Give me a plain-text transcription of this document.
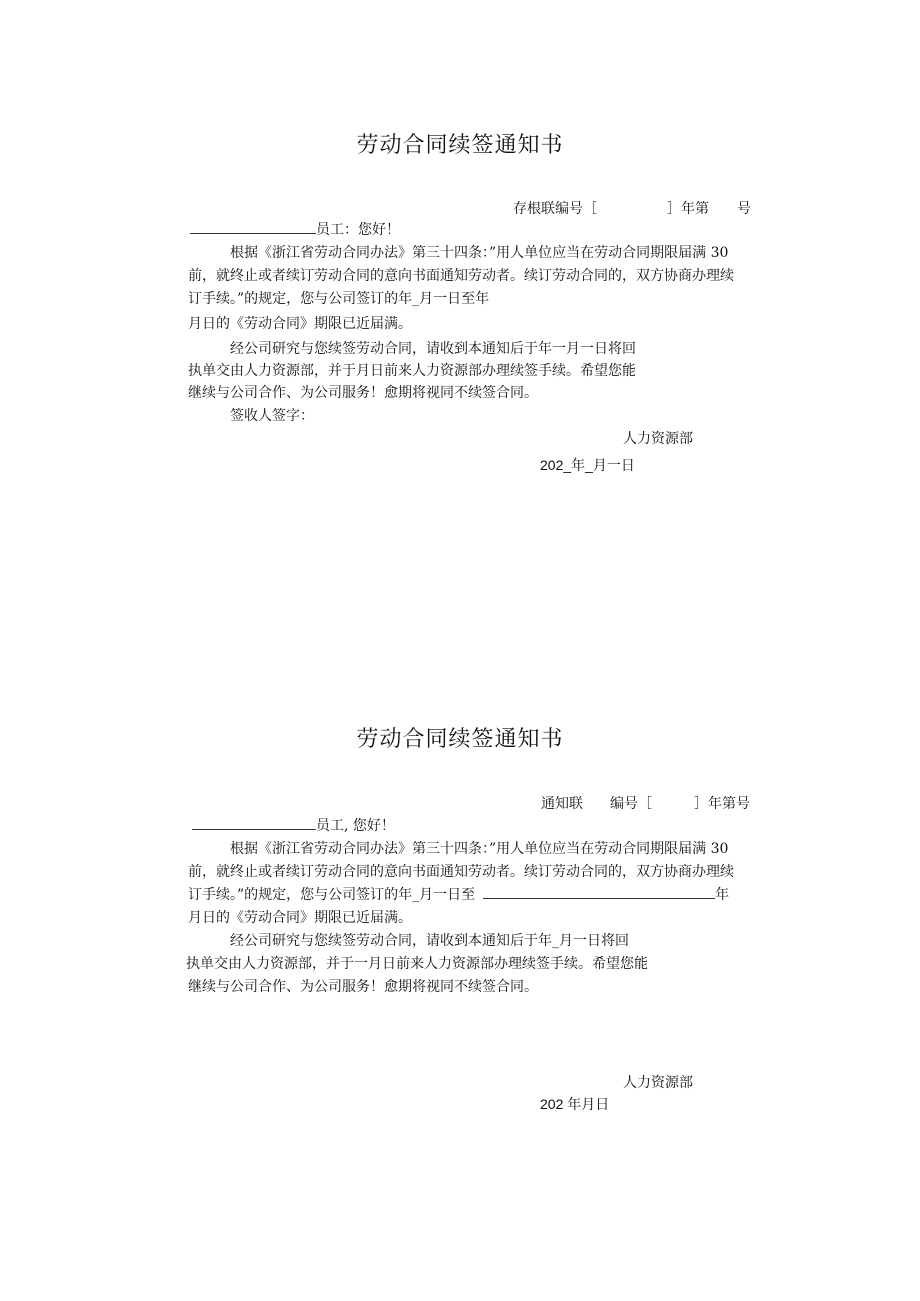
劳动合同续签通知书
存根联编号［　　　　　］年第　　号
员工：您好！
根据《浙江省劳动合同办法》第三十四条：”用人单位应当在劳动合同期限届满 30
前，就终止或者续订劳动合同的意向书面通知劳动者。续订劳动合同的，双方协商办理续
订手续。”的规定，您与公司签订的年_月一日至年
月日的《劳动合同》期限已近届满。
经公司研究与您续签劳动合同，请收到本通知后于年一月一日将回
执单交由人力资源部，并于月日前来人力资源部办理续签手续。希望您能
继续与公司合作、为公司服务！愈期将视同不续签合同。
签收人签字：
人力资源部
202_年_月一日
劳动合同续签通知书
通知联 编号［　　　］年第号
员工, 您好！
根据《浙江省劳动合同办法》第三十四条：”用人单位应当在劳动合同期限届满 30
前，就终止或者续订劳动合同的意向书面通知劳动者。续订劳动合同的，双方协商办理续
订手续。”的规定，您与公司签订的年_月一日至	年
月日的《劳动合同》期限已近届满。
经公司研究与您续签劳动合同，请收到本通知后于年_月一日将回
执单交由人力资源部，并于一月日前来人力资源部办理续签手续。希望您能
继续与公司合作、为公司服务！愈期将视同不续签合同。
人力资源部
202 年月日
